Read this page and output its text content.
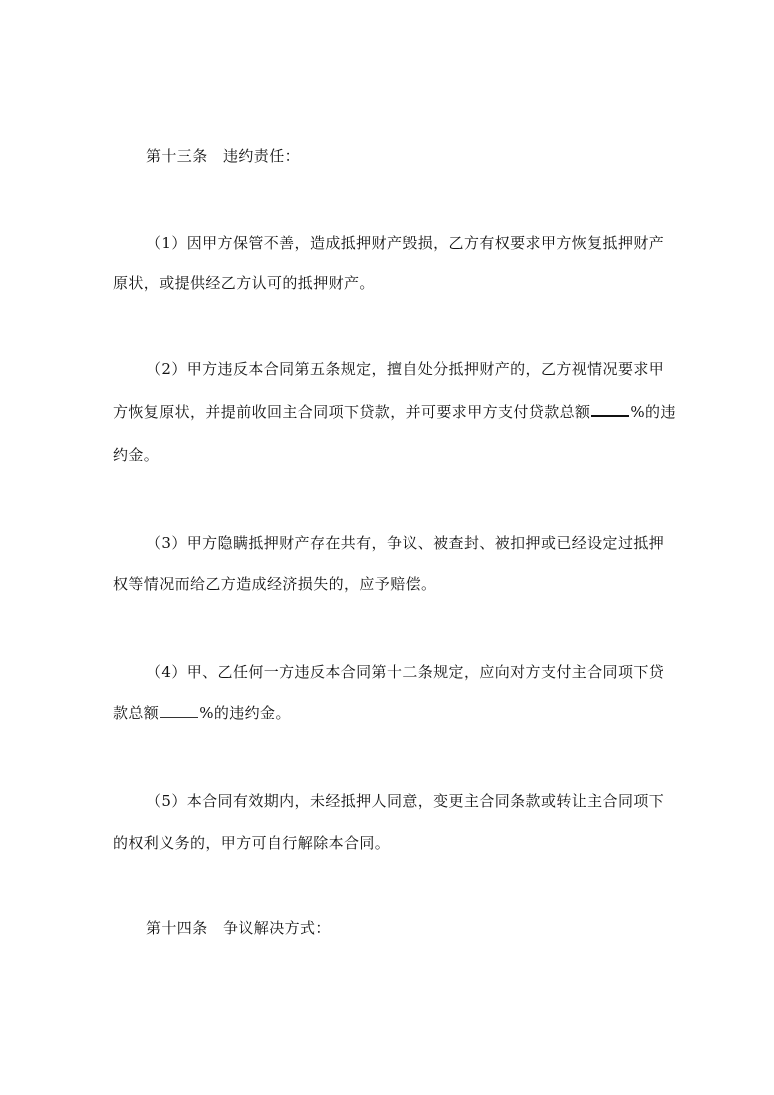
第十三条　违约责任：
（1）因甲方保管不善，造成抵押财产毁损，乙方有权要求甲方恢复抵押财产
原状，或提供经乙方认可的抵押财产。
（2）甲方违反本合同第五条规定，擅自处分抵押财产的，乙方视情况要求甲
方恢复原状，并提前收回主合同项下贷款，并可要求甲方支付贷款总额	%的违
约金。
（3）甲方隐瞒抵押财产存在共有，争议、被查封、被扣押或已经设定过抵押
权等情况而给乙方造成经济损失的，应予赔偿。
（4）甲、乙任何一方违反本合同第十二条规定，应向对方支付主合同项下贷
款总额	%的违约金。
（5）本合同有效期内，未经抵押人同意，变更主合同条款或转让主合同项下
的权利义务的，甲方可自行解除本合同。
第十四条　争议解决方式：
